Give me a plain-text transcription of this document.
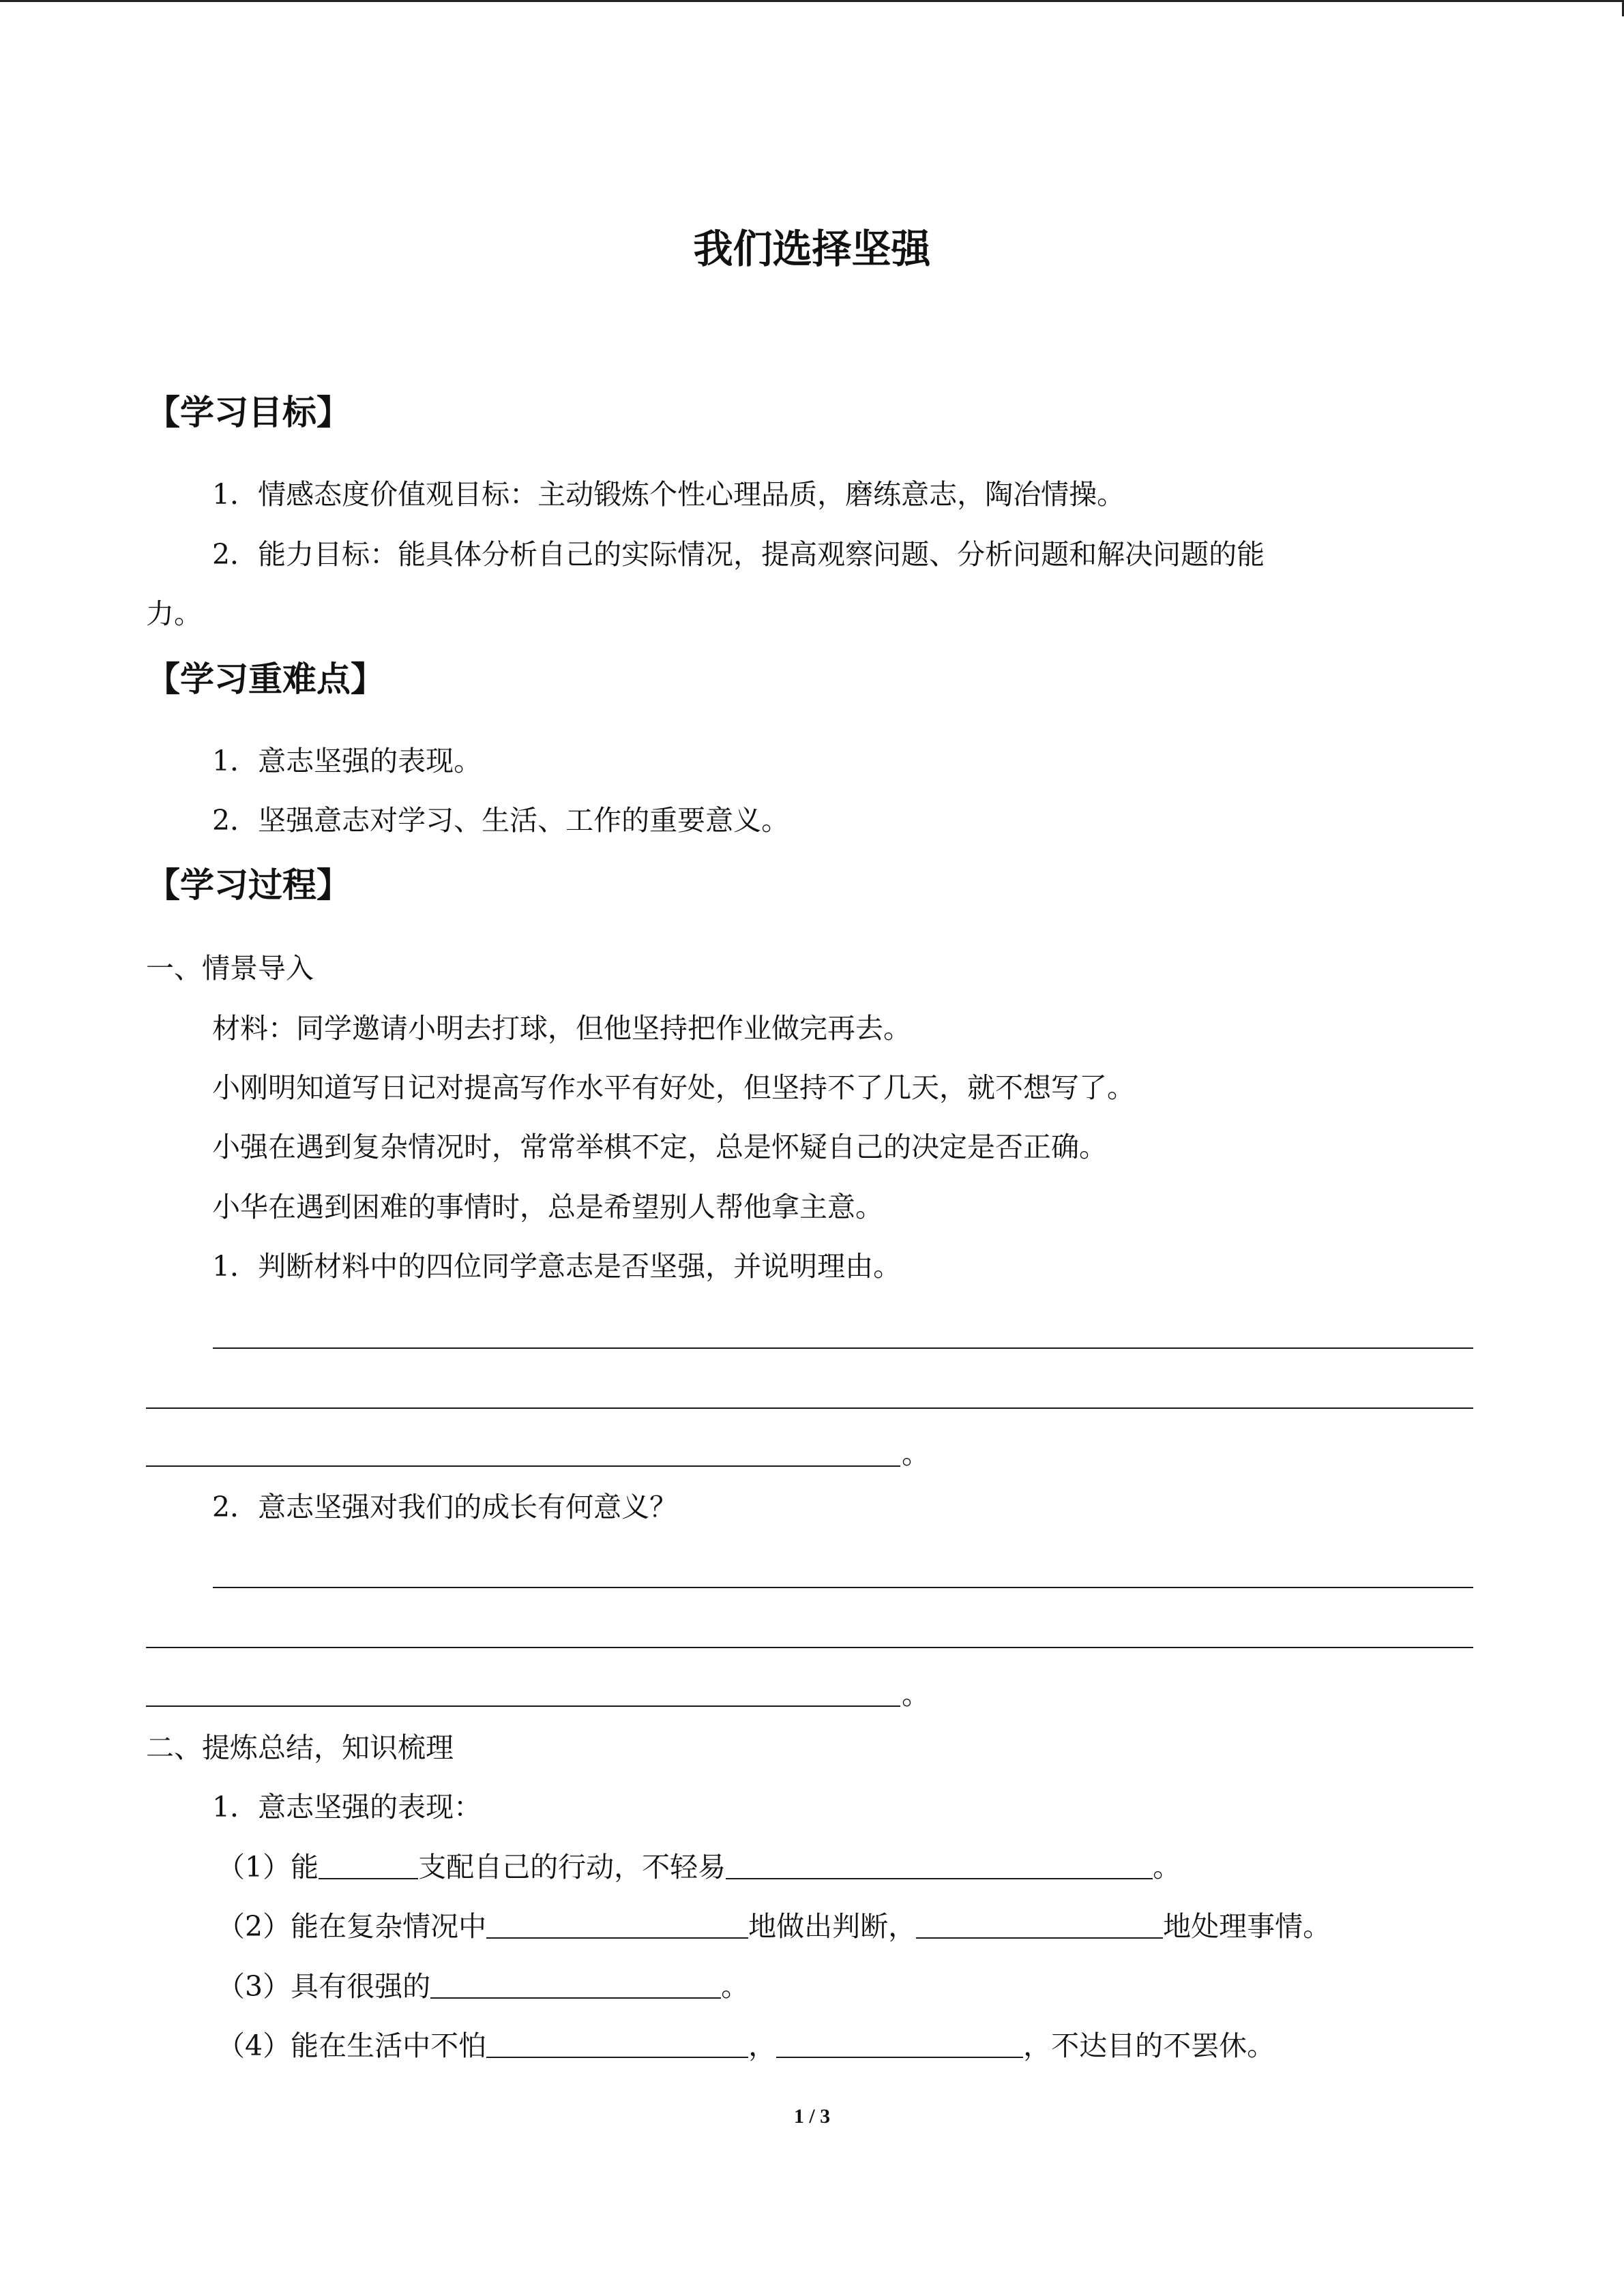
我们选择坚强
【学习目标】
1．情感态度价值观目标：主动锻炼个性心理品质，磨练意志，陶冶情操。
2．能力目标：能具体分析自己的实际情况，提高观察问题、分析问题和解决问题的能
力。
【学习重难点】
1．意志坚强的表现。
2．坚强意志对学习、生活、工作的重要意义。
【学习过程】
一、情景导入
材料：同学邀请小明去打球，但他坚持把作业做完再去。
小刚明知道写日记对提高写作水平有好处，但坚持不了几天，就不想写了。
小强在遇到复杂情况时，常常举棋不定，总是怀疑自己的决定是否正确。
小华在遇到困难的事情时，总是希望别人帮他拿主意。
1．判断材料中的四位同学意志是否坚强，并说明理由。
。
2．意志坚强对我们的成长有何意义？
。
二、提炼总结，知识梳理
1．意志坚强的表现：
（1）能	支配自己的行动，不轻易	。
（2）能在复杂情况中	地做出判断，	地处理事情。
（3）具有很强的	。
（4）能在生活中不怕	，	，不达目的不罢休。
1 / 3
